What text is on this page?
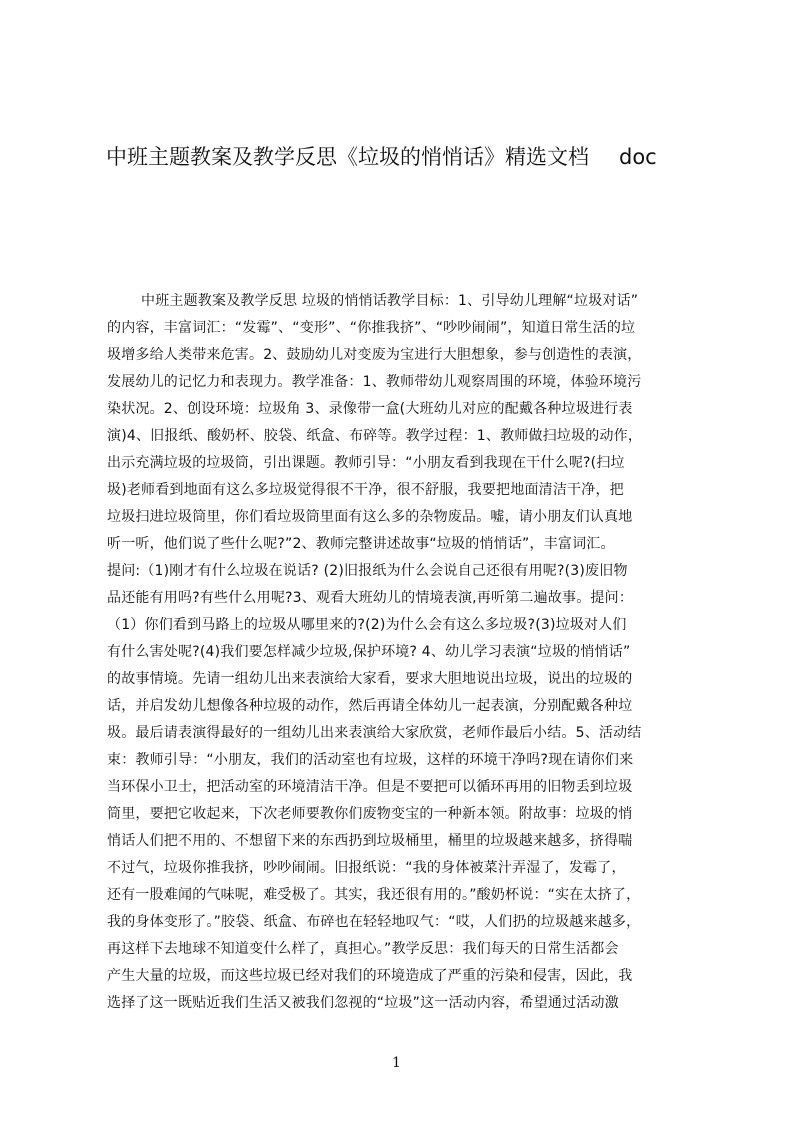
中班主题教案及教学反思《垃圾的悄悄话》精选文档 doc
中班主题教案及教学反思 垃圾的悄悄话教学目标：1、引导幼儿理解“垃圾对话”
的内容，丰富词汇：“发霉”、“变形”、“你推我挤”、“吵吵闹闹”，知道日常生活的垃
圾增多给人类带来危害。2、鼓励幼儿对变废为宝进行大胆想象，参与创造性的表演，
发展幼儿的记忆力和表现力。教学准备：1、教师带幼儿观察周围的环境，体验环境污
染状况。2、创设环境：垃圾角 3、录像带一盒(大班幼儿对应的配戴各种垃圾进行表
演)4、旧报纸、酸奶杯、胶袋、纸盒、布碎等。教学过程：1、教师做扫垃圾的动作，
出示充满垃圾的垃圾筒，引出课题。教师引导：“小朋友看到我现在干什么呢?(扫垃
圾)老师看到地面有这么多垃圾觉得很不干净，很不舒服，我要把地面清洁干净，把
垃圾扫进垃圾筒里，你们看垃圾筒里面有这么多的杂物废品。嘘，请小朋友们认真地
听一听，他们说了些什么呢?”2、教师完整讲述故事“垃圾的悄悄话”，丰富词汇。
提问:（1)刚才有什么垃圾在说话? (2)旧报纸为什么会说自己还很有用呢?(3)废旧物
品还能有用吗?有些什么用呢?3、观看大班幼儿的情境表演,再听第二遍故事。提问：
（1）你们看到马路上的垃圾从哪里来的?(2)为什么会有这么多垃圾?(3)垃圾对人们
有什么害处呢?(4)我们要怎样减少垃圾,保护环境? 4、幼儿学习表演“垃圾的悄悄话”
的故事情境。先请一组幼儿出来表演给大家看，要求大胆地说出垃圾，说出的垃圾的
话，并启发幼儿想像各种垃圾的动作，然后再请全体幼儿一起表演，分别配戴各种垃
圾。最后请表演得最好的一组幼儿出来表演给大家欣赏，老师作最后小结。5、活动结
束：教师引导：“小朋友，我们的活动室也有垃圾，这样的环境干净吗?现在请你们来
当环保小卫士，把活动室的环境清洁干净。但是不要把可以循环再用的旧物丢到垃圾
筒里，要把它收起来，下次老师要教你们废物变宝的一种新本领。附故事：垃圾的悄
悄话人们把不用的、不想留下来的东西扔到垃圾桶里，桶里的垃圾越来越多，挤得喘
不过气，垃圾你推我挤，吵吵闹闹。旧报纸说：“我的身体被菜汁弄湿了，发霉了，
还有一股难闻的气味呢，难受极了。其实，我还很有用的。”酸奶杯说：“实在太挤了，
我的身体变形了。”胶袋、纸盒、布碎也在轻轻地叹气：“哎，人们扔的垃圾越来越多，
再这样下去地球不知道变什么样了，真担心。”教学反思：我们每天的日常生活都会
产生大量的垃圾，而这些垃圾已经对我们的环境造成了严重的污染和侵害，因此，我
选择了这一既贴近我们生活又被我们忽视的“垃圾”这一活动内容，希望通过活动激
1
